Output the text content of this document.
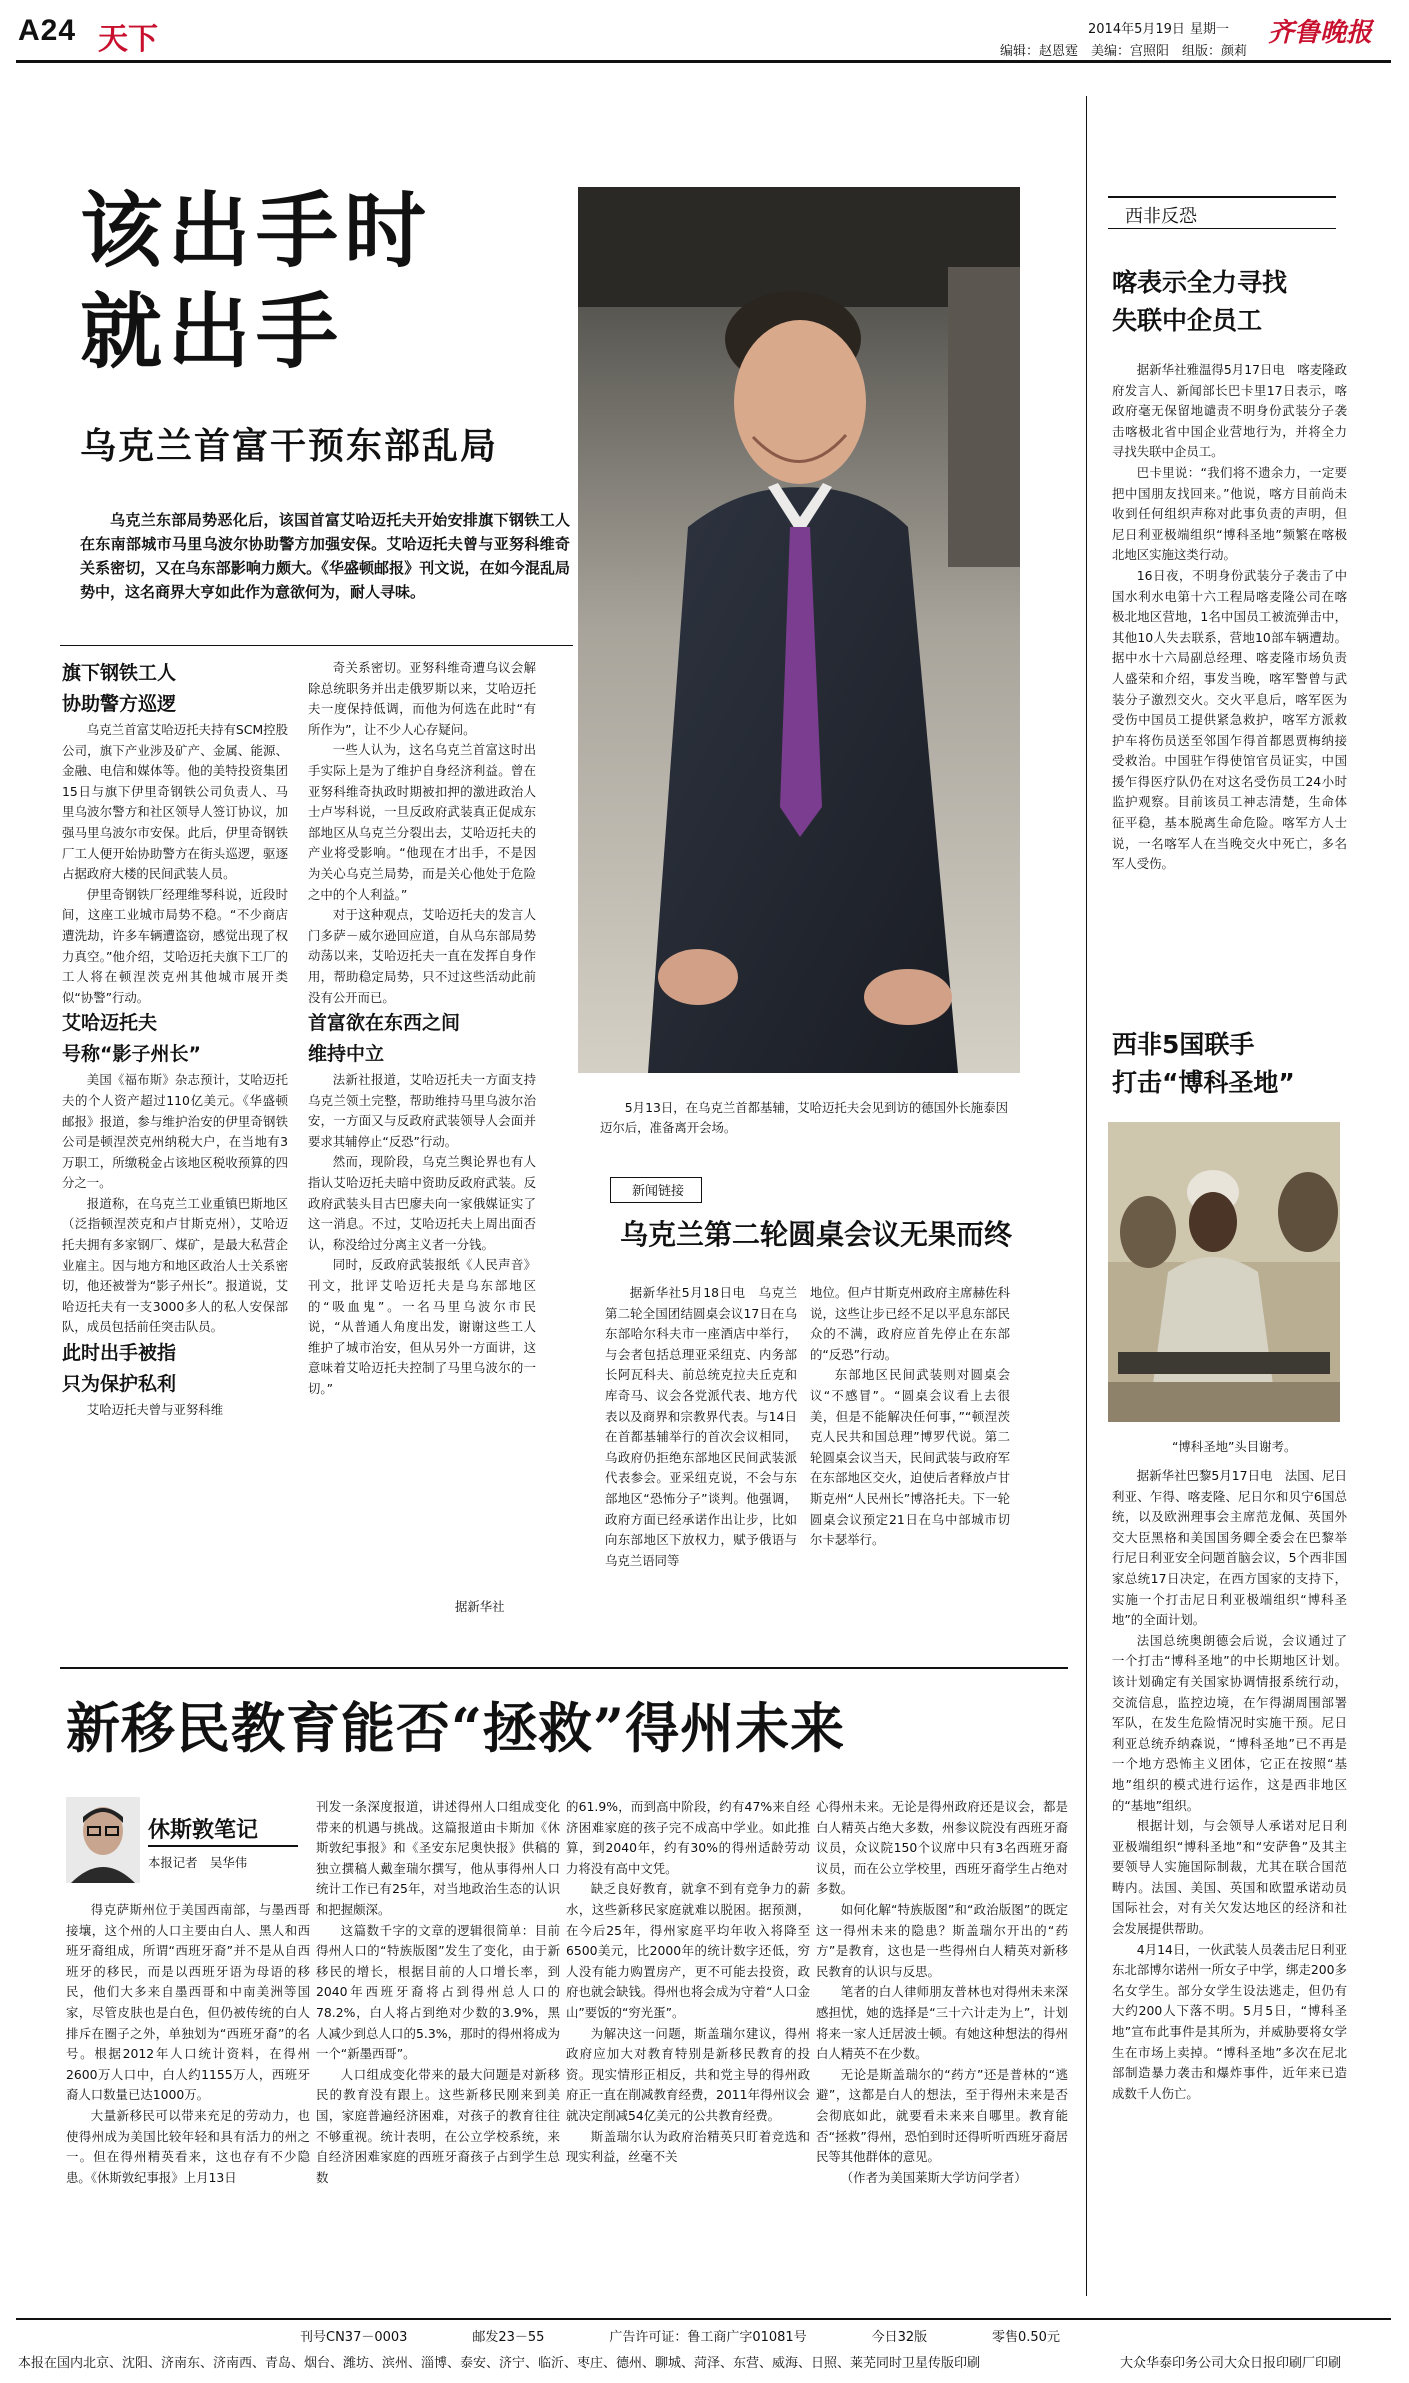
A24 天下	2014年5月19日 星期一 齐鲁晚报
编辑：赵恩霆　美编：宫照阳　组版：颜莉
该出手时
就出手
乌克兰首富干预东部乱局

乌克兰东部局势恶化后，该国首富艾哈迈托夫开始安排旗下钢铁工人在东南部城市马里乌波尔协助警方加强安保。艾哈迈托夫曾与亚努科维奇关系密切，又在乌东部影响力颇大。《华盛顿邮报》刊文说，在如今混乱局势中，这名商界大亨如此作为意欲何为，耐人寻味。

旗下钢铁工人
协助警方巡逻

乌克兰首富艾哈迈托夫持有SCM控股公司，旗下产业涉及矿产、金属、能源、金融、电信和媒体等。他的美特投资集团15日与旗下伊里奇钢铁公司负责人、马里乌波尔警方和社区领导人签订协议，加强马里乌波尔市安保。此后，伊里奇钢铁厂工人便开始协助警方在街头巡逻，驱逐占据政府大楼的民间武装人员。

伊里奇钢铁厂经理维琴科说，近段时间，这座工业城市局势不稳。“不少商店遭洗劫，许多车辆遭盗窃，感觉出现了权力真空。”他介绍，艾哈迈托夫旗下工厂的工人将在顿涅茨克州其他城市展开类似“协警”行动。

艾哈迈托夫
号称“影子州长”

美国《福布斯》杂志预计，艾哈迈托夫的个人资产超过110亿美元。《华盛顿邮报》报道，参与维护治安的伊里奇钢铁公司是顿涅茨克州纳税大户，在当地有3万职工，所缴税金占该地区税收预算的四分之一。

报道称，在乌克兰工业重镇巴斯地区（泛指顿涅茨克和卢甘斯克州），艾哈迈托夫拥有多家钢厂、煤矿，是最大私营企业雇主。因与地方和地区政治人士关系密切，他还被誉为“影子州长”。报道说，艾哈迈托夫有一支3000多人的私人安保部队，成员包括前任突击队员。

此时出手被指
只为保护私利

艾哈迈托夫曾与亚努科维

奇关系密切。亚努科维奇遭乌议会解除总统职务并出走俄罗斯以来，艾哈迈托夫一度保持低调，而他为何选在此时“有所作为”，让不少人心存疑问。

一些人认为，这名乌克兰首富这时出手实际上是为了维护自身经济利益。曾在亚努科维奇执政时期被扣押的激进政治人士卢岑科说，一旦反政府武装真正促成东部地区从乌克兰分裂出去，艾哈迈托夫的产业将受影响。“他现在才出手，不是因为关心乌克兰局势，而是关心他处于危险之中的个人利益。”

对于这种观点，艾哈迈托夫的发言人门多萨－威尔逊回应道，自从乌东部局势动荡以来，艾哈迈托夫一直在发挥自身作用，帮助稳定局势，只不过这些活动此前没有公开而已。

首富欲在东西之间
维持中立

法新社报道，艾哈迈托夫一方面支持乌克兰领土完整，帮助维持马里乌波尔治安，一方面又与反政府武装领导人会面并要求其辅停止“反恐”行动。

然而，现阶段，乌克兰舆论界也有人指认艾哈迈托夫暗中资助反政府武装。反政府武装头目古巴廖夫向一家俄媒证实了这一消息。不过，艾哈迈托夫上周出面否认，称没给过分离主义者一分钱。

同时，反政府武装报纸《人民声音》刊文，批评艾哈迈托夫是乌东部地区的“吸血鬼”。一名马里乌波尔市民说，“从普通人角度出发，谢谢这些工人维护了城市治安，但从另外一方面讲，这意味着艾哈迈托夫控制了马里乌波尔的一切。”

据新华社

5月13日，在乌克兰首都基辅，艾哈迈托夫会见到访的德国外长施泰因迈尔后，准备离开会场。

新闻链接
乌克兰第二轮圆桌会议无果而终

据新华社5月18日电　乌克兰第二轮全国团结圆桌会议17日在乌东部哈尔科夫市一座酒店中举行，与会者包括总理亚采纽克、内务部长阿瓦科夫、前总统克拉夫丘克和库奇马、议会各党派代表、地方代表以及商界和宗教界代表。与14日在首都基辅举行的首次会议相同，乌政府仍拒绝东部地区民间武装派代表参会。亚采纽克说，不会与东部地区“恐怖分子”谈判。他强调，政府方面已经承诺作出让步，比如向东部地区下放权力，赋予俄语与乌克兰语同等

地位。但卢甘斯克州政府主席赫佐科说，这些让步已经不足以平息东部民众的不满，政府应首先停止在东部的“反恐”行动。

东部地区民间武装则对圆桌会议“不感冒”。“圆桌会议看上去很美，但是不能解决任何事，”“顿涅茨克人民共和国总理”博罗代说。第二轮圆桌会议当天，民间武装与政府军在东部地区交火，迫使后者释放卢甘斯克州“人民州长”博洛托夫。下一轮圆桌会议预定21日在乌中部城市切尔卡瑟举行。

西非反恐
喀表示全力寻找
失联中企员工

据新华社雅温得5月17日电　喀麦隆政府发言人、新闻部长巴卡里17日表示，喀政府毫无保留地谴责不明身份武装分子袭击喀极北省中国企业营地行为，并将全力寻找失联中企员工。

巴卡里说：“我们将不遗余力，一定要把中国朋友找回来。”他说，喀方目前尚未收到任何组织声称对此事负责的声明，但尼日利亚极端组织“博科圣地”频繁在喀极北地区实施这类行动。

16日夜，不明身份武装分子袭击了中国水利水电第十六工程局喀麦隆公司在喀极北地区营地，1名中国员工被流弹击中，其他10人失去联系，营地10部车辆遭劫。据中水十六局副总经理、喀麦隆市场负责人盛荣和介绍，事发当晚，喀军警曾与武装分子激烈交火。交火平息后，喀军医为受伤中国员工提供紧急救护，喀军方派救护车将伤员送至邻国乍得首都恩贾梅纳接受救治。中国驻乍得使馆官员证实，中国援乍得医疗队仍在对这名受伤员工24小时监护观察。目前该员工神志清楚，生命体征平稳，基本脱离生命危险。喀军方人士说，一名喀军人在当晚交火中死亡，多名军人受伤。

西非5国联手
打击“博科圣地”
“博科圣地”头目谢考。

据新华社巴黎5月17日电　法国、尼日利亚、乍得、喀麦隆、尼日尔和贝宁6国总统，以及欧洲理事会主席范龙佩、英国外交大臣黑格和美国国务卿全委会在巴黎举行尼日利亚安全问题首脑会议，5个西非国家总统17日决定，在西方国家的支持下，实施一个打击尼日利亚极端组织“博科圣地”的全面计划。

法国总统奥朗德会后说，会议通过了一个打击“博科圣地”的中长期地区计划。该计划确定有关国家协调情报系统行动，交流信息，监控边境，在乍得湖周围部署军队，在发生危险情况时实施干预。尼日利亚总统乔纳森说，“博科圣地”已不再是一个地方恐怖主义团体，它正在按照“基地”组织的模式进行运作，这是西非地区的“基地”组织。

根据计划，与会领导人承诺对尼日利亚极端组织“博科圣地”和“安萨鲁”及其主要领导人实施国际制裁，尤其在联合国范畴内。法国、美国、英国和欧盟承诺动员国际社会，对有关欠发达地区的经济和社会发展提供帮助。

4月14日，一伙武装人员袭击尼日利亚东北部博尔诺州一所女子中学，绑走200多名女学生。部分女学生设法逃走，但仍有大约200人下落不明。5月5日，“博科圣地”宣布此事件是其所为，并威胁要将女学生在市场上卖掉。“博科圣地”多次在尼北部制造暴力袭击和爆炸事件，近年来已造成数千人伤亡。

新移民教育能否“拯救”得州未来
休斯敦笔记
本报记者　吴华伟

得克萨斯州位于美国西南部，与墨西哥接壤，这个州的人口主要由白人、黑人和西班牙裔组成，所谓“西班牙裔”并不是从自西班牙的移民，而是以西班牙语为母语的移民，他们大多来自墨西哥和中南美洲等国家，尽管皮肤也是白色，但仍被传统的白人排斥在圈子之外，单独划为“西班牙裔”的名号。根据2012年人口统计资料，在得州2600万人口中，白人约1155万人，西班牙裔人口数量已达1000万。

大量新移民可以带来充足的劳动力，也使得州成为美国比较年轻和具有活力的州之一。但在得州精英看来，这也存有不少隐患。《休斯敦纪事报》上月13日

刊发一条深度报道，讲述得州人口组成变化带来的机遇与挑战。这篇报道由卡斯加《休斯敦纪事报》和《圣安东尼奥快报》供稿的独立撰稿人戴奎瑞尔撰写，他从事得州人口统计工作已有25年，对当地政治生态的认识和把握颇深。

这篇数千字的文章的逻辑很简单：目前得州人口的“特族版图”发生了变化，由于新移民的增长，根据目前的人口增长率，到2040年西班牙裔将占到得州总人口的78.2%，白人将占到绝对少数的3.9%，黑人减少到总人口的5.3%，那时的得州将成为一个“新墨西哥”。

人口组成变化带来的最大问题是对新移民的教育没有跟上。这些新移民刚来到美国，家庭普遍经济困难，对孩子的教育往往不够重视。统计表明，在公立学校系统，来自经济困难家庭的西班牙裔孩子占到学生总数

的61.9%，而到高中阶段，约有47%来自经济困难家庭的孩子完不成高中学业。如此推算，到2040年，约有30%的得州适龄劳动力将没有高中文凭。

缺乏良好教育，就拿不到有竞争力的薪水，这些新移民家庭就难以脱困。据预测，在今后25年，得州家庭平均年收入将降至6500美元，比2000年的统计数字还低，穷人没有能力购置房产，更不可能去投资，政府也就会缺钱。得州也将会成为守着“人口金山”要饭的“穷光蛋”。

为解决这一问题，斯盖瑞尔建议，得州政府应加大对教育特别是新移民教育的投资。现实情形正相反，共和党主导的得州政府正一直在削减教育经费，2011年得州议会就决定削减54亿美元的公共教育经费。

斯盖瑞尔认为政府治精英只盯着竞选和现实利益，丝毫不关

心得州未来。无论是得州政府还是议会，都是白人精英占绝大多数，州参议院没有西班牙裔议员，众议院150个议席中只有3名西班牙裔议员，而在公立学校里，西班牙裔学生占绝对多数。

如何化解“特族版图”和“政治版图”的既定这一得州未来的隐患？斯盖瑞尔开出的“药方”是教育，这也是一些得州白人精英对新移民教育的认识与反思。

笔者的白人律师朋友普林也对得州未来深感担忧，她的选择是“三十六计走为上”，计划将来一家人迁居波士顿。有她这种想法的得州白人精英不在少数。

无论是斯盖瑞尔的“药方”还是普林的“逃避”，这都是白人的想法，至于得州未来是否会彻底如此，就要看未来来自哪里。教育能否“拯救”得州，恐怕到时还得听听西班牙裔居民等其他群体的意见。

（作者为美国莱斯大学访问学者）

刊号CN37－0003	邮发23－55	广告许可证：鲁工商广字01081号	今日32版	零售0.50元
本报在国内北京、沈阳、济南东、济南西、青岛、烟台、潍坊、滨州、淄博、泰安、济宁、临沂、枣庄、德州、聊城、菏泽、东营、威海、日照、莱芜同时卫星传版印刷	大众华泰印务公司大众日报印刷厂印刷
